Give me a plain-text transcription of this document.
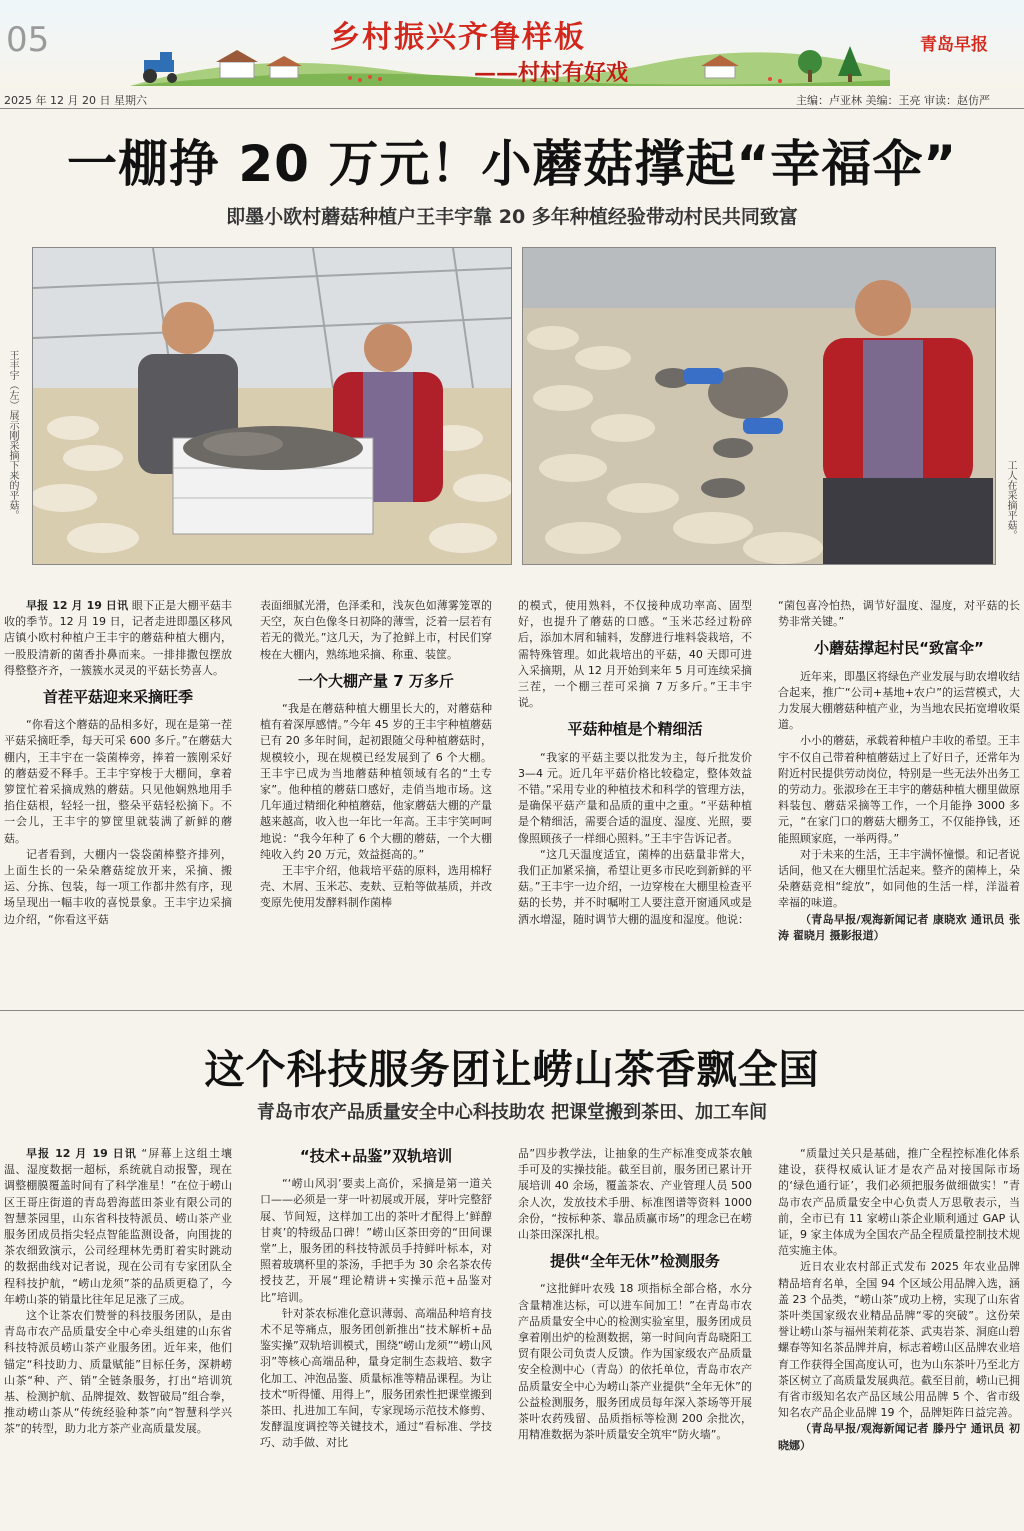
05	乡村振兴齐鲁样板
——村村有好戏
青岛早报
2025 年 12 月 20 日 星期六	主编：卢亚林 美编：王亮 审读：赵仿严
一棚挣 20 万元！小蘑菇撑起“幸福伞”
即墨小欧村蘑菇种植户王丰宇靠 20 多年种植经验带动村民共同致富
王丰宇（左）展示刚采摘下来的平菇。	工人在采摘平菇。

早报 12 月 19 日讯 眼下正是大棚平菇丰收的季节。12 月 19 日，记者走进即墨区移风店镇小欧村种植户王丰宇的蘑菇种植大棚内，一股股清新的菌香扑鼻而来。一排排撒包摆放得整整齐齐，一簇簇水灵灵的平菇长势喜人。

首茬平菇迎来采摘旺季

“你看这个蘑菇的品相多好，现在是第一茬平菇采摘旺季，每天可采 600 多斤。”在蘑菇大棚内，王丰宇在一袋菌棒旁，捧着一簇刚采好的蘑菇爱不释手。王丰宇穿梭于大棚间，拿着箩筐忙着采摘成熟的蘑菇。只见他娴熟地用手掐住菇根，轻轻一扭，整朵平菇轻松摘下。不一会儿，王丰宇的箩筐里就装满了新鲜的蘑菇。

记者看到，大棚内一袋袋菌棒整齐排列，上面生长的一朵朵蘑菇绽放开来，采摘、搬运、分拣、包装，每一项工作都井然有序，现场呈现出一幅丰收的喜悦景象。王丰宇边采摘边介绍，“你看这平菇

表面细腻光滑，色泽柔和，浅灰色如薄雾笼罩的天空，灰白色像冬日初降的薄雪，泛着一层若有若无的微光。”这几天，为了抢鲜上市，村民们穿梭在大棚内，熟练地采摘、称重、装筐。

一个大棚产量 7 万多斤

“我是在蘑菇种植大棚里长大的，对蘑菇种植有着深厚感情。”今年 45 岁的王丰宇种植蘑菇已有 20 多年时间，起初跟随父母种植蘑菇时，规模较小，现在规模已经发展到了 6 个大棚。王丰宇已成为当地蘑菇种植领域有名的“土专家”。他种植的蘑菇口感好，走俏当地市场。这几年通过精细化种植蘑菇，他家蘑菇大棚的产量越来越高，收入也一年比一年高。王丰宇笑呵呵地说：“我今年种了 6 个大棚的蘑菇，一个大棚纯收入约 20 万元，效益挺高的。”

王丰宇介绍，他栽培平菇的原料，选用棉籽壳、木屑、玉米芯、麦麸、豆粕等做基质，并改变原先使用发酵料制作菌棒

的模式，使用熟料，不仅接种成功率高、固型好，也提升了蘑菇的口感。“玉米芯经过粉碎后，添加木屑和辅料，发酵进行堆料袋栽培，不需特殊管理。如此栽培出的平菇，40 天即可进入采摘期，从 12 月开始到来年 5 月可连续采摘三茬，一个棚三茬可采摘 7 万多斤。”王丰宇说。

平菇种植是个精细活

“我家的平菇主要以批发为主，每斤批发价 3—4 元。近几年平菇价格比较稳定，整体效益不错。”采用专业的种植技术和科学的管理方法，是确保平菇产量和品质的重中之重。“平菇种植是个精细活，需要合适的温度、湿度、光照，要像照顾孩子一样细心照料。”王丰宇告诉记者。

“这几天温度适宜，菌棒的出菇量非常大，我们正加紧采摘，希望让更多市民吃到新鲜的平菇。”王丰宇一边介绍，一边穿梭在大棚里检查平菇的长势，并不时嘱咐工人要注意开窗通风或是洒水增湿，随时调节大棚的温度和湿度。他说：

“菌包喜冷怕热，调节好温度、湿度，对平菇的长势非常关键。”

小蘑菇撑起村民“致富伞”

近年来，即墨区将绿色产业发展与助农增收结合起来，推广“公司+基地+农户”的运营模式，大力发展大棚蘑菇种植产业，为当地农民拓宽增收渠道。

小小的蘑菇，承载着种植户丰收的希望。王丰宇不仅自己带着种植蘑菇过上了好日子，还常年为附近村民提供劳动岗位，特别是一些无法外出务工的劳动力。张淑珍在王丰宇的蘑菇种植大棚里做原料装包、蘑菇采摘等工作，一个月能挣 3000 多元，“在家门口的蘑菇大棚务工，不仅能挣钱，还能照顾家庭，一举两得。”

对于未来的生活，王丰宇满怀憧憬。和记者说话间，他又在大棚里忙活起来。整齐的菌棒上，朵朵蘑菇竞相“绽放”，如同他的生活一样，洋溢着幸福的味道。

（青岛早报/观海新闻记者 康晓欢 通讯员 张涛 翟晓月 摄影报道）

这个科技服务团让崂山茶香飘全国
青岛市农产品质量安全中心科技助农 把课堂搬到茶田、加工车间

早报 12 月 19 日讯 “屏幕上这组土壤温、湿度数据一超标，系统就自动报警，现在调整棚膜覆盖时间有了科学准星！”在位于崂山区王哥庄街道的青岛碧海蓝田茶业有限公司的智慧茶园里，山东省科技特派员、崂山茶产业服务团成员指尖轻点智能监测设备，向围拢的茶农细致演示，公司经理林先勇盯着实时跳动的数据曲线对记者说，现在公司有专家团队全程科技护航，“崂山龙须”茶的品质更稳了，今年崂山茶的销量比往年足足涨了三成。

这个让茶农们赞誉的科技服务团队，是由青岛市农产品质量安全中心牵头组建的山东省科技特派员崂山茶产业服务团。近年来，他们锚定“科技助力、质量赋能”目标任务，深耕崂山茶“种、产、销”全链条服务，打出“培训筑基、检测护航、品牌提效、数智破局”组合拳，推动崂山茶从“传统经验种茶”向“智慧科学兴茶”的转型，助力北方茶产业高质量发展。

“技术+品鉴”双轨培训

“‘崂山风羽’要卖上高价，采摘是第一道关口——必须是一芽一叶初展或开展，芽叶完整舒展、节间短，这样加工出的茶叶才配得上‘鲜醇甘爽’的特级品口碑！”崂山区茶田旁的“田间课堂”上，服务团的科技特派员手持鲜叶标本，对照着玻璃杯里的茶汤，手把手为 30 余名茶农传授技艺，开展“理论精讲+实操示范+品鉴对比”培训。

针对茶农标准化意识薄弱、高端品种培育技术不足等痛点，服务团创新推出“技术解析+品鉴实操”双轨培训模式，围绕“崂山龙须”“崂山风羽”等核心高端品种，量身定制生态栽培、数字化加工、冲泡品鉴、质量标准等精品课程。为让技术“听得懂、用得上”，服务团索性把课堂搬到茶田、扎进加工车间，专家现场示范技术修剪、发酵温度调控等关键技术，通过“看标准、学技巧、动手做、对比

品”四步教学法，让抽象的生产标准变成茶农触手可及的实操技能。截至目前，服务团已累计开展培训 40 余场，覆盖茶农、产业管理人员 500 余人次，发放技术手册、标准图谱等资料 1000 余份，“按标种茶、靠品质赢市场”的理念已在崂山茶田深深扎根。

提供“全年无休”检测服务

“这批鲜叶农残 18 项指标全部合格，水分含量精准达标，可以进车间加工！”在青岛市农产品质量安全中心的检测实验室里，服务团成员拿着刚出炉的检测数据，第一时间向青岛晓阳工贸有限公司负责人反馈。作为国家级农产品质量安全检测中心（青岛）的依托单位，青岛市农产品质量安全中心为崂山茶产业提供“全年无休”的公益检测服务，服务团成员每年深入茶场等开展茶叶农药残留、品质指标等检测 200 余批次，用精准数据为茶叶质量安全筑牢“防火墙”。

“质量过关只是基础，推广全程控标准化体系建设，获得权威认证才是农产品对接国际市场的‘绿色通行证’，我们必须把服务做细做实！”青岛市农产品质量安全中心负责人万思敬表示，当前，全市已有 11 家崂山茶企业顺利通过 GAP 认证，9 家主体成为全国农产品全程质量控制技术规范实施主体。

近日农业农村部正式发布 2025 年农业品牌精品培育名单，全国 94 个区域公用品牌入选，涵盖 23 个品类，“崂山茶”成功上榜，实现了山东省茶叶类国家级农业精品品牌“零的突破”。这份荣誉让崂山茶与福州茉莉花茶、武夷岩茶、洞庭山碧螺春等知名茶品牌并肩，标志着崂山区品牌农业培育工作获得全国高度认可，也为山东茶叶乃至北方茶区树立了高质量发展典范。截至目前，崂山已拥有省市级知名农产品区域公用品牌 5 个、省市级知名农产品企业品牌 19 个，品牌矩阵日益完善。

（青岛早报/观海新闻记者 滕丹宁 通讯员 初晓娜）
